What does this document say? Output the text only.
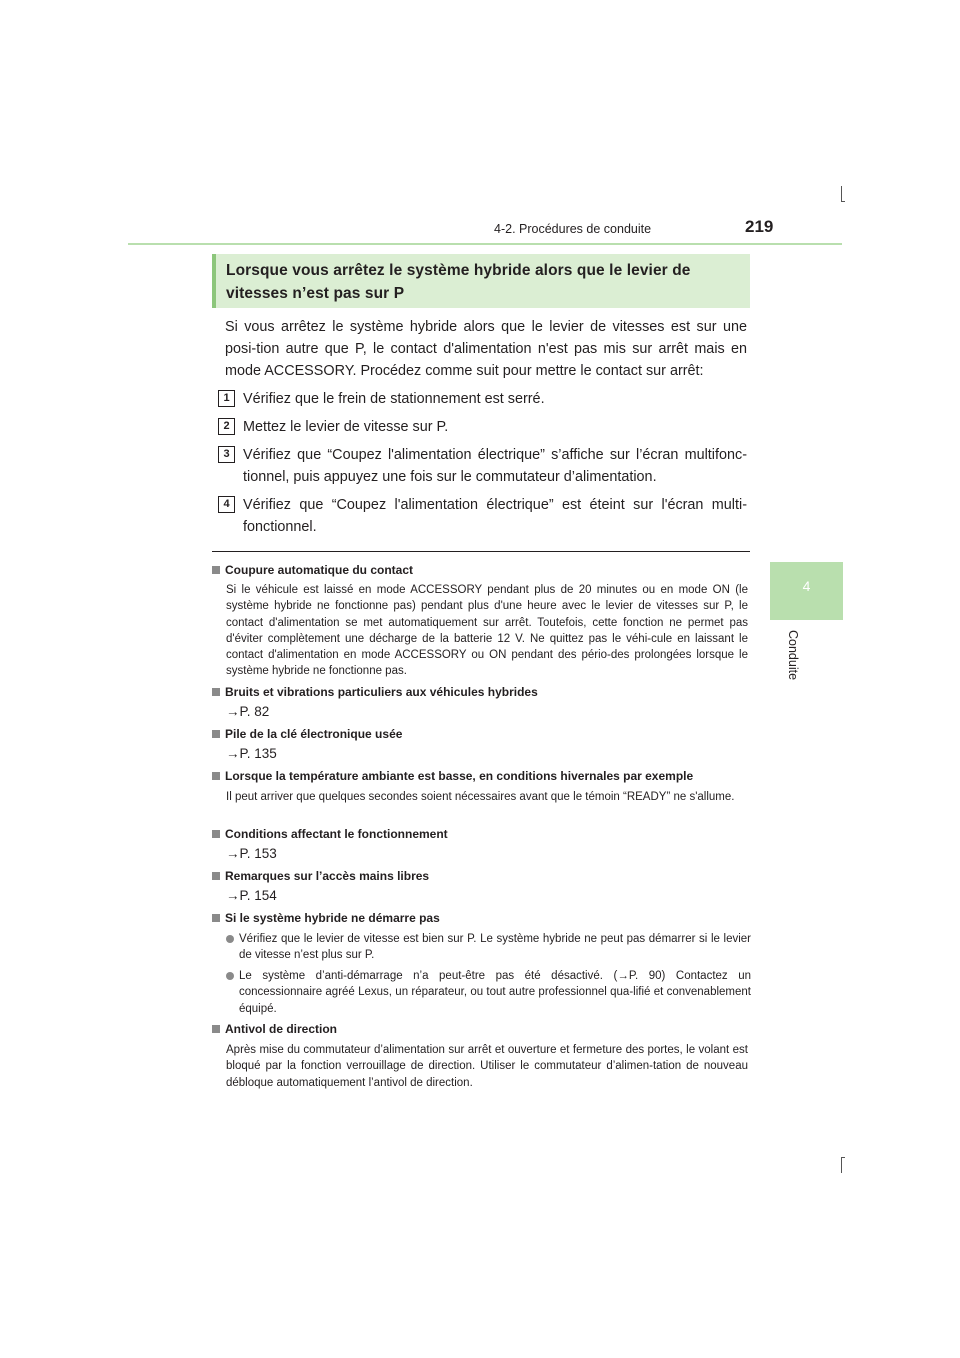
4-2. Procédures de conduite	219
4
Conduite
Lorsque vous arrêtez le système hybride alors que le levier de vitesses n’est pas sur P
Si vous arrêtez le système hybride alors que le levier de vitesses est sur une posi-tion autre que P, le contact d'alimentation n'est pas mis sur arrêt mais en mode ACCESSORY. Procédez comme suit pour mettre le contact sur arrêt:
1 Vérifiez que le frein de stationnement est serré.
2 Mettez le levier de vitesse sur P.
3 Vérifiez que “Coupez l'alimentation électrique” s’affiche sur l’écran multifonc-tionnel, puis appuyez une fois sur le commutateur d’alimentation.
4 Vérifiez que “Coupez l'alimentation électrique” est éteint sur l'écran multi-fonctionnel.
Coupure automatique du contact
Si le véhicule est laissé en mode ACCESSORY pendant plus de 20 minutes ou en mode ON (le système hybride ne fonctionne pas) pendant plus d'une heure avec le levier de vitesses sur P, le contact d'alimentation se met automatiquement sur arrêt. Toutefois, cette fonction ne permet pas d'éviter complètement une décharge de la batterie 12 V. Ne quittez pas le véhi-cule en laissant le contact d'alimentation en mode ACCESSORY ou ON pendant des pério-des prolongées lorsque le système hybride ne fonctionne pas.
Bruits et vibrations particuliers aux véhicules hybrides
→P. 82
Pile de la clé électronique usée
→P. 135
Lorsque la température ambiante est basse, en conditions hivernales par exemple
Il peut arriver que quelques secondes soient nécessaires avant que le témoin “READY” ne s'allume.
Conditions affectant le fonctionnement
→P. 153
Remarques sur l’accès mains libres
→P. 154
Si le système hybride ne démarre pas
Vérifiez que le levier de vitesse est bien sur P. Le système hybride ne peut pas démarrer si le levier de vitesse n’est plus sur P.
Le système d’anti-démarrage n’a peut-être pas été désactivé. (→P. 90) Contactez un concessionnaire agréé Lexus, un réparateur, ou tout autre professionnel qua-lifié et convenablement équipé.
Antivol de direction
Après mise du commutateur d’alimentation sur arrêt et ouverture et fermeture des portes, le volant est bloqué par la fonction verrouillage de direction. Utiliser le commutateur d’alimen-tation de nouveau débloque automatiquement l’antivol de direction.
